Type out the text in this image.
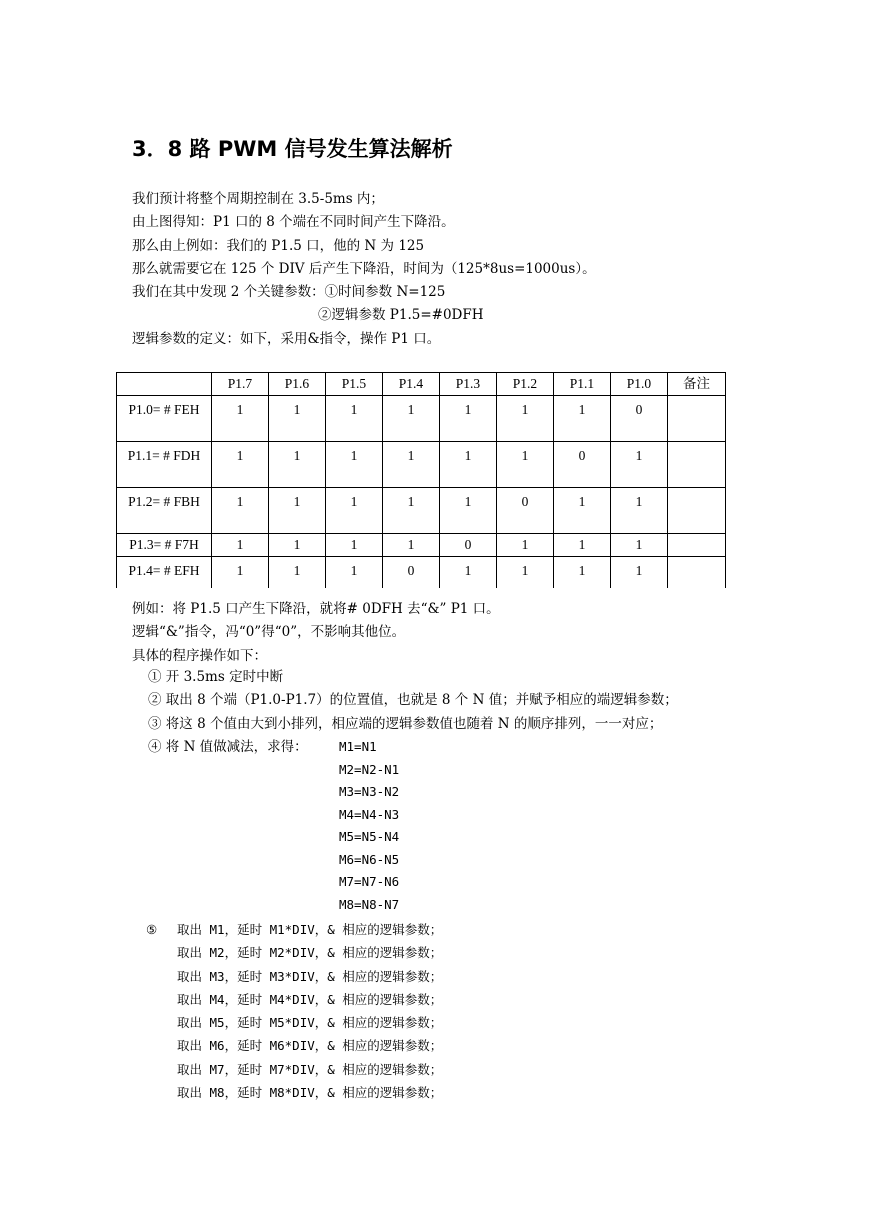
3．8 路 PWM 信号发生算法解析
我们预计将整个周期控制在 3.5-5ms 内；
由上图得知：P1 口的 8 个端在不同时间产生下降沿。
那么由上例如：我们的 P1.5 口，他的 N 为 125
那么就需要它在 125 个 DIV 后产生下降沿，时间为（125*8us=1000us）。
我们在其中发现 2 个关键参数：①时间参数 N=125
②逻辑参数 P1.5=#0DFH
逻辑参数的定义：如下，采用&指令，操作 P1 口。
	P1.7	P1.6	P1.5	P1.4	P1.3	P1.2	P1.1	P1.0	备注
P1.0= # FEH	1	1	1	1	1	1	1	0	
P1.1= # FDH	1	1	1	1	1	1	0	1	
P1.2= # FBH	1	1	1	1	1	0	1	1	
P1.3= # F7H	1	1	1	1	0	1	1	1	
P1.4= # EFH	1	1	1	0	1	1	1	1	
例如：将 P1.5 口产生下降沿，就将# 0DFH 去“&” P1 口。
逻辑“&”指令，冯“0”得“0”，不影响其他位。
具体的程序操作如下：
① 开 3.5ms 定时中断
② 取出 8 个端（P1.0-P1.7）的位置值，也就是 8 个 N 值；并赋予相应的端逻辑参数；
③ 将这 8 个值由大到小排列，相应端的逻辑参数值也随着 N 的顺序排列，一一对应；
④ 将 N 值做减法，求得：	M1=N1
M2=N2-N1
M3=N3-N2
M4=N4-N3
M5=N5-N4
M6=N6-N5
M7=N7-N6
M8=N8-N7
⑤ 取出 M1，延时 M1*DIV，& 相应的逻辑参数；
取出 M2，延时 M2*DIV，& 相应的逻辑参数；
取出 M3，延时 M3*DIV，& 相应的逻辑参数；
取出 M4，延时 M4*DIV，& 相应的逻辑参数；
取出 M5，延时 M5*DIV，& 相应的逻辑参数；
取出 M6，延时 M6*DIV，& 相应的逻辑参数；
取出 M7，延时 M7*DIV，& 相应的逻辑参数；
取出 M8，延时 M8*DIV，& 相应的逻辑参数；
